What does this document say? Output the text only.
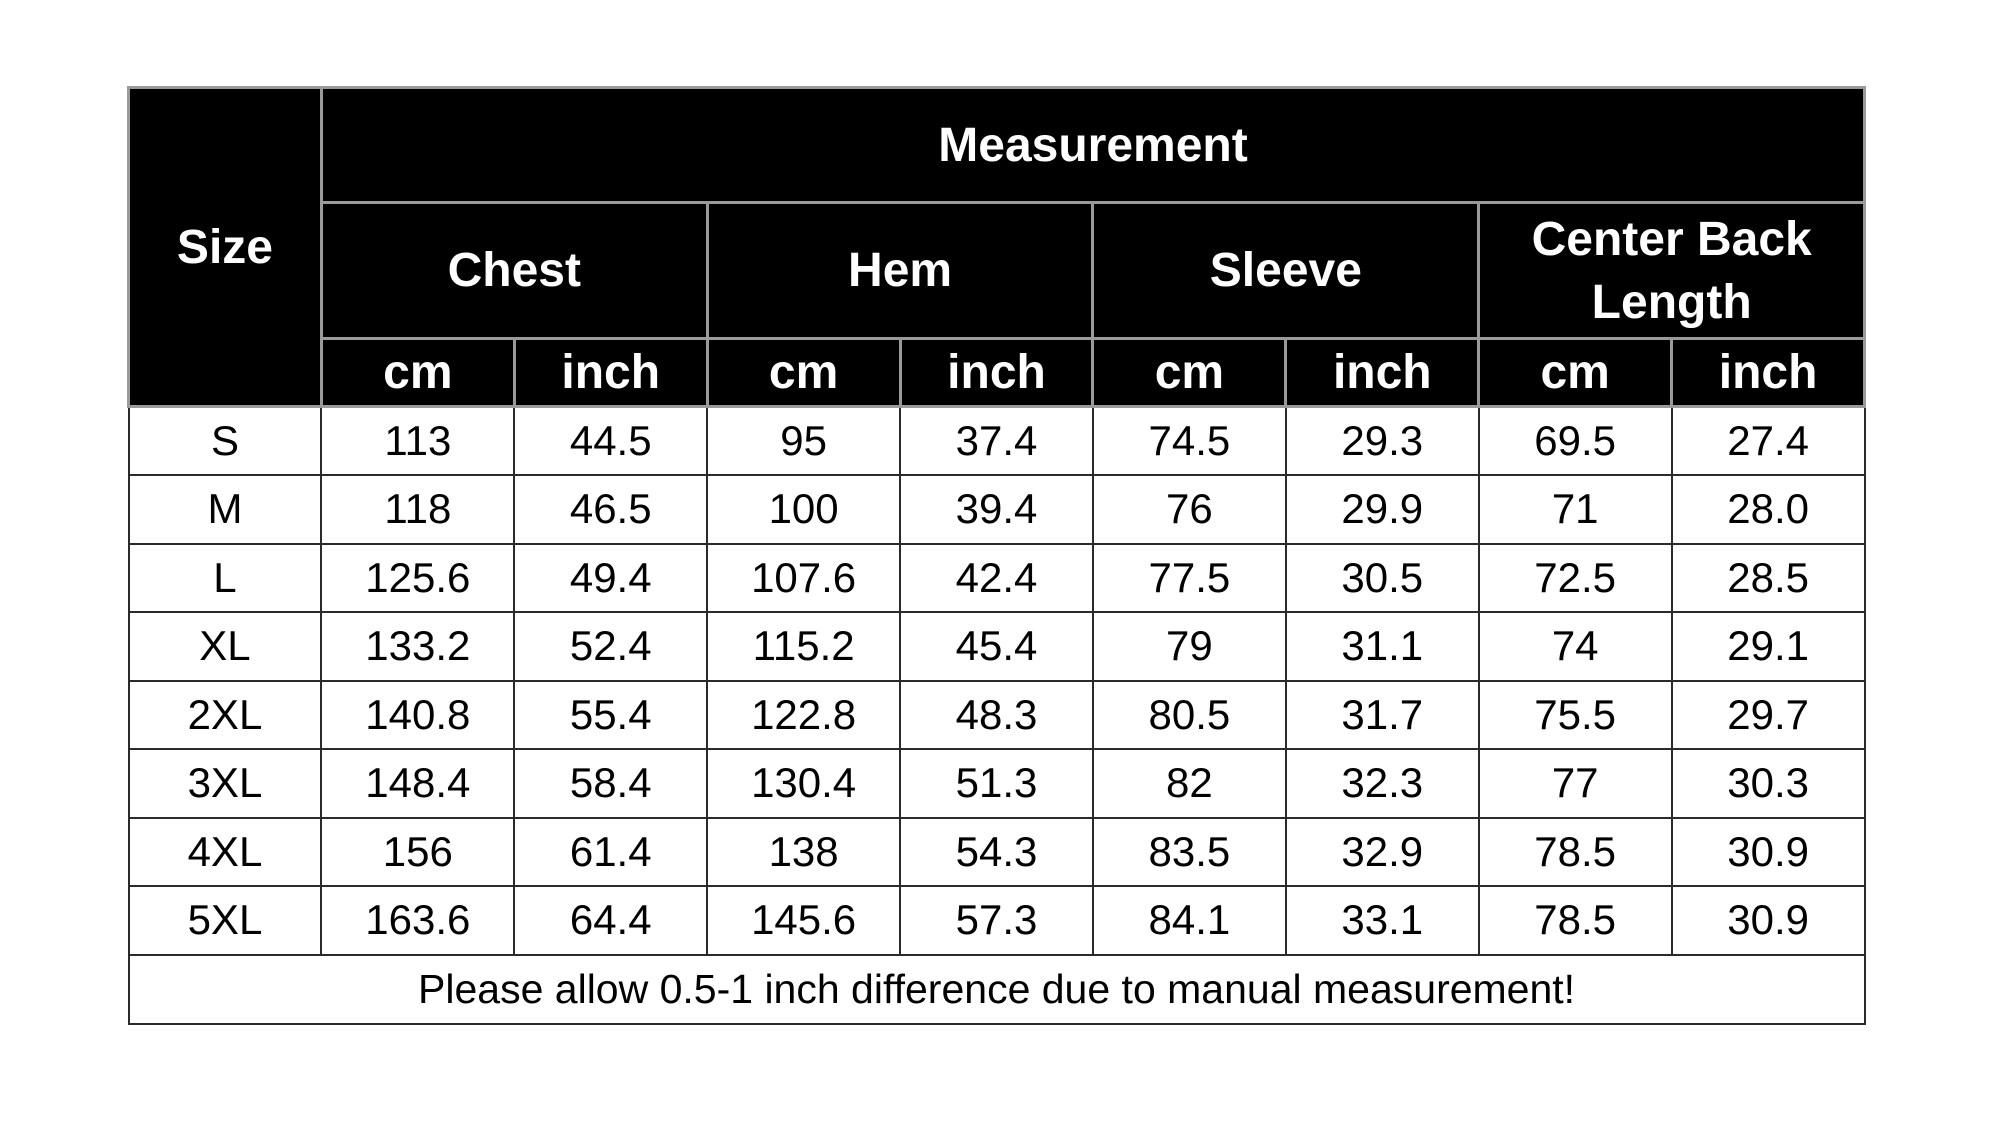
Size	Measurement							
	Chest		Hem		Sleeve		Center Back Length	
	cm	inch	cm	inch	cm	inch	cm	inch
S	113	44.5	95	37.4	74.5	29.3	69.5	27.4
M	118	46.5	100	39.4	76	29.9	71	28.0
L	125.6	49.4	107.6	42.4	77.5	30.5	72.5	28.5
XL	133.2	52.4	115.2	45.4	79	31.1	74	29.1
2XL	140.8	55.4	122.8	48.3	80.5	31.7	75.5	29.7
3XL	148.4	58.4	130.4	51.3	82	32.3	77	30.3
4XL	156	61.4	138	54.3	83.5	32.9	78.5	30.9
5XL	163.6	64.4	145.6	57.3	84.1	33.1	78.5	30.9
Please allow 0.5-1 inch difference due to manual measurement!								
